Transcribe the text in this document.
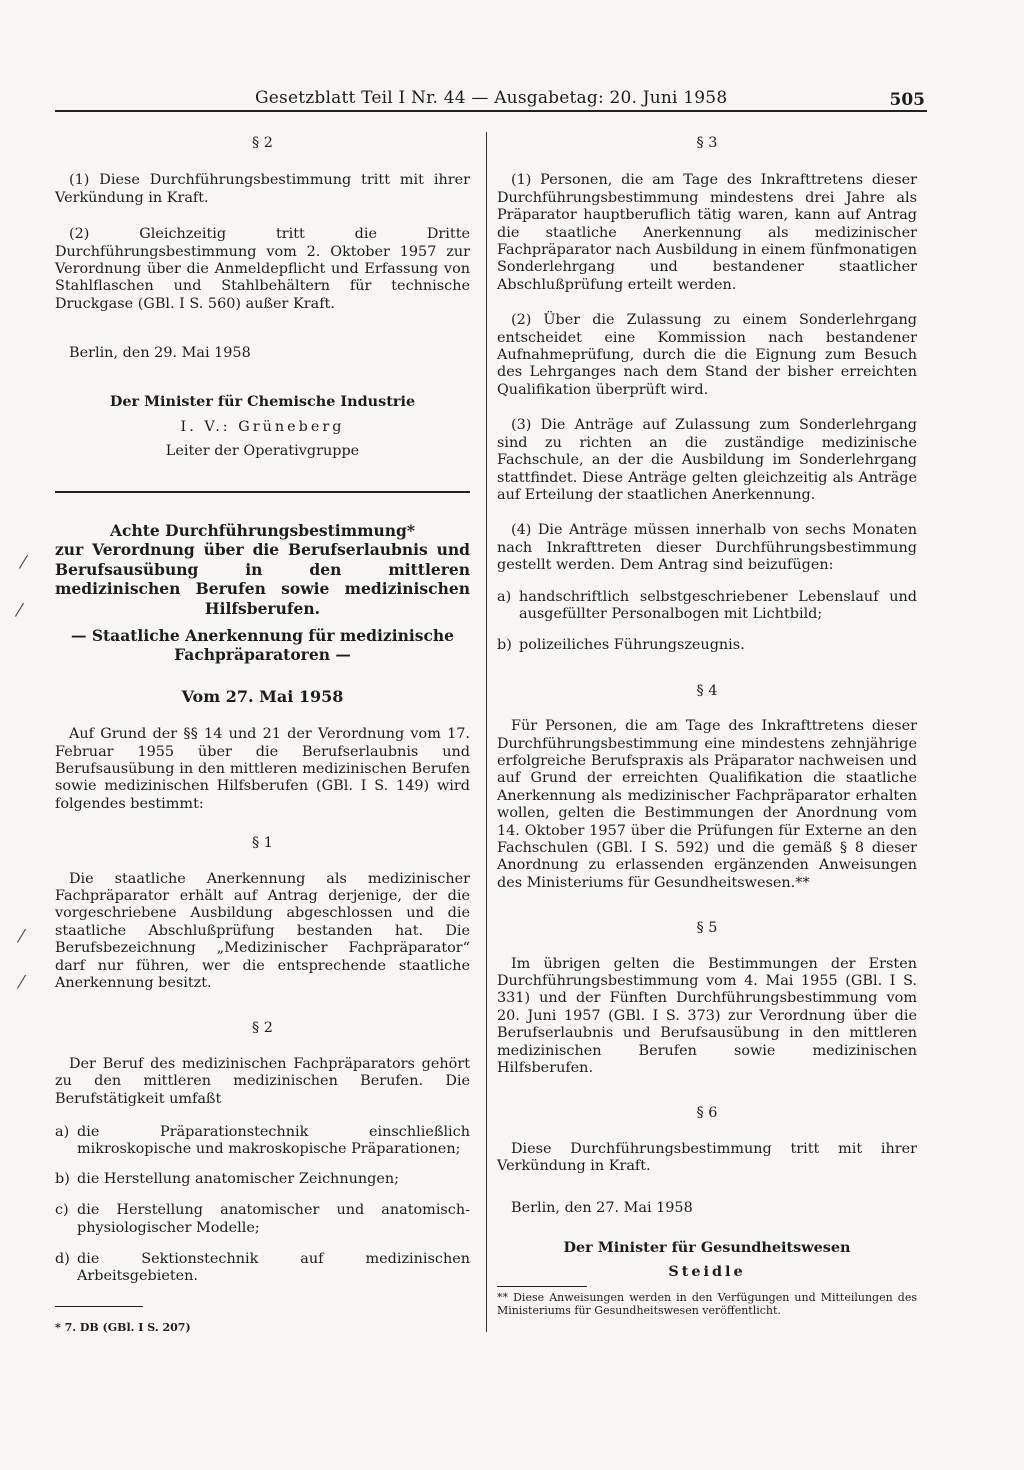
Gesetzblatt Teil I Nr. 44 — Ausgabetag: 20. Juni 1958	505
⁄
⁄
⁄
⁄

§ 2

(1) Diese Durchführungsbestimmung tritt mit ihrer Verkündung in Kraft.

(2) Gleichzeitig tritt die Dritte Durchführungsbestimmung vom 2. Oktober 1957 zur Verordnung über die Anmeldepflicht und Erfassung von Stahlflaschen und Stahlbehältern für technische Druckgase (GBl. I S. 560) außer Kraft.

Berlin, den 29. Mai 1958

Der Minister für Chemische Industrie

I. V.: Grüneberg

Leiter der Operativgruppe

Achte Durchführungsbestimmung*

zur Verordnung über die Berufserlaubnis und Berufsausübung in den mittleren medizinischen Berufen sowie medizinischen Hilfsberufen.

— Staatliche Anerkennung für medizinische Fachpräparatoren —

Vom 27. Mai 1958

Auf Grund der §§ 14 und 21 der Verordnung vom 17. Februar 1955 über die Berufserlaubnis und Berufsausübung in den mittleren medizinischen Berufen sowie medizinischen Hilfsberufen (GBl. I S. 149) wird folgendes bestimmt:

§ 1

Die staatliche Anerkennung als medizinischer Fachpräparator erhält auf Antrag derjenige, der die vorgeschriebene Ausbildung abgeschlossen und die staatliche Abschlußprüfung bestanden hat. Die Berufsbezeichnung „Medizinischer Fachpräparator“ darf nur führen, wer die entsprechende staatliche Anerkennung besitzt.

§ 2

Der Beruf des medizinischen Fachpräparators gehört zu den mittleren medizinischen Berufen. Die Berufstätigkeit umfaßt

a) die Präparationstechnik einschließlich mikroskopische und makroskopische Präparationen;
b) die Herstellung anatomischer Zeichnungen;
c) die Herstellung anatomischer und anatomisch-physiologischer Modelle;
d) die Sektionstechnik auf medizinischen Arbeitsgebieten.

* 7. DB (GBl. I S. 207)

§ 3

(1) Personen, die am Tage des Inkrafttretens dieser Durchführungsbestimmung mindestens drei Jahre als Präparator hauptberuflich tätig waren, kann auf Antrag die staatliche Anerkennung als medizinischer Fachpräparator nach Ausbildung in einem fünfmonatigen Sonderlehrgang und bestandener staatlicher Abschlußprüfung erteilt werden.

(2) Über die Zulassung zu einem Sonderlehrgang entscheidet eine Kommission nach bestandener Aufnahmeprüfung, durch die die Eignung zum Besuch des Lehrganges nach dem Stand der bisher erreichten Qualifikation überprüft wird.

(3) Die Anträge auf Zulassung zum Sonderlehrgang sind zu richten an die zuständige medizinische Fachschule, an der die Ausbildung im Sonderlehrgang stattfindet. Diese Anträge gelten gleichzeitig als Anträge auf Erteilung der staatlichen Anerkennung.

(4) Die Anträge müssen innerhalb von sechs Monaten nach Inkrafttreten dieser Durchführungsbestimmung gestellt werden. Dem Antrag sind beizufügen:

a) handschriftlich selbstgeschriebener Lebenslauf und ausgefüllter Personalbogen mit Lichtbild;
b) polizeiliches Führungszeugnis.

§ 4

Für Personen, die am Tage des Inkrafttretens dieser Durchführungsbestimmung eine mindestens zehnjährige erfolgreiche Berufspraxis als Präparator nachweisen und auf Grund der erreichten Qualifikation die staatliche Anerkennung als medizinischer Fachpräparator erhalten wollen, gelten die Bestimmungen der Anordnung vom 14. Oktober 1957 über die Prüfungen für Externe an den Fachschulen (GBl. I S. 592) und die gemäß § 8 dieser Anordnung zu erlassenden ergänzenden Anweisungen des Ministeriums für Gesundheitswesen.**

§ 5

Im übrigen gelten die Bestimmungen der Ersten Durchführungsbestimmung vom 4. Mai 1955 (GBl. I S. 331) und der Fünften Durchführungsbestimmung vom 20. Juni 1957 (GBl. I S. 373) zur Verordnung über die Berufserlaubnis und Berufsausübung in den mittleren medizinischen Berufen sowie medizinischen Hilfsberufen.

§ 6

Diese Durchführungsbestimmung tritt mit ihrer Verkündung in Kraft.

Berlin, den 27. Mai 1958

Der Minister für Gesundheitswesen

Steidle

** Diese Anweisungen werden in den Verfügungen und Mitteilungen des Ministeriums für Gesundheitswesen veröffentlicht.
